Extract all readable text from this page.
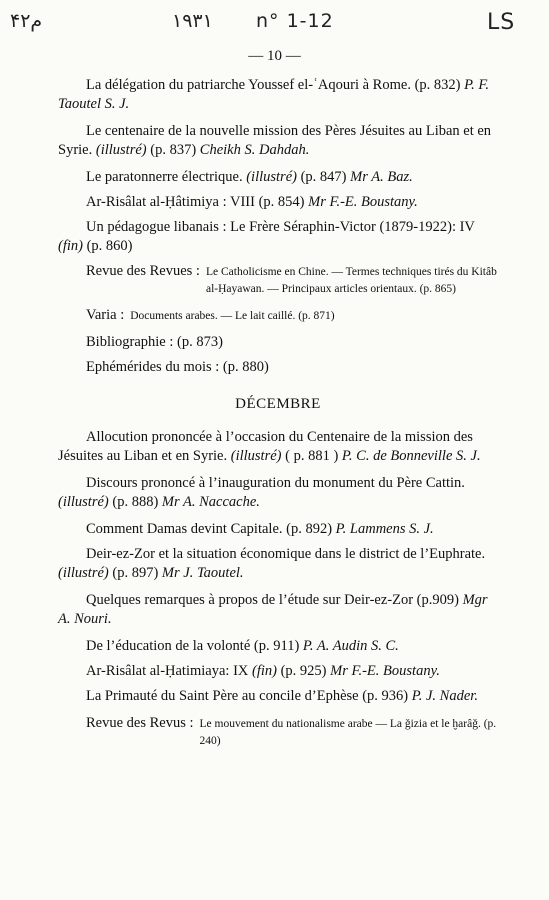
م۴۲	١٩٣١ n° 1-12	LS
— 10 —

La délégation du patriarche Youssef el-ʿAqouri à Rome. (p. 832) P. F. Taoutel S. J.

Le centenaire de la nouvelle mission des Pères Jésuites au Liban et en Syrie. (illustré) (p. 837) Cheikh S. Dahdah.

Le paratonnerre électrique. (illustré) (p. 847) Mr A. Baz.

Ar-Risâlat al-Ḥâtimiya : VIII (p. 854) Mr F.-E. Boustany.

Un pédagogue libanais : Le Frère Séraphin-Victor (1879-1922): IV (fin) (p. 860)

Revue des Revues : Le Catholicisme en Chine. — Termes techniques tirés du Kitâb al-Ḥayawan. — Principaux articles orientaux. (p. 865)
Varia : Documents arabes. — Le lait caillé. (p. 871)

Bibliographie : (p. 873)

Ephémérides du mois : (p. 880)

DÉCEMBRE

Allocution prononcée à l’occasion du Centenaire de la mission des Jésuites au Liban et en Syrie. (illustré) ( p. 881 ) P. C. de Bonneville S. J.

Discours prononcé à l’inauguration du monument du Père Cattin. (illustré) (p. 888) Mr A. Naccache.

Comment Damas devint Capitale. (p. 892) P. Lammens S. J.

Deir-ez-Zor et la situation économique dans le district de l’Euphrate. (illustré) (p. 897) Mr J. Taoutel.

Quelques remarques à propos de l’étude sur Deir-ez-Zor (p.909) Mgr A. Nouri.

De l’éducation de la volonté (p. 911) P. A. Audin S. C.

Ar-Risâlat al-Ḥatimiaya: IX (fin) (p. 925) Mr F.-E. Boustany.

La Primauté du Saint Père au concile d’Ephèse (p. 936) P. J. Nader.

Revue des Revus : Le mouvement du nationalisme arabe — La ǧizia et le ḫarâǧ. (p. 240)
